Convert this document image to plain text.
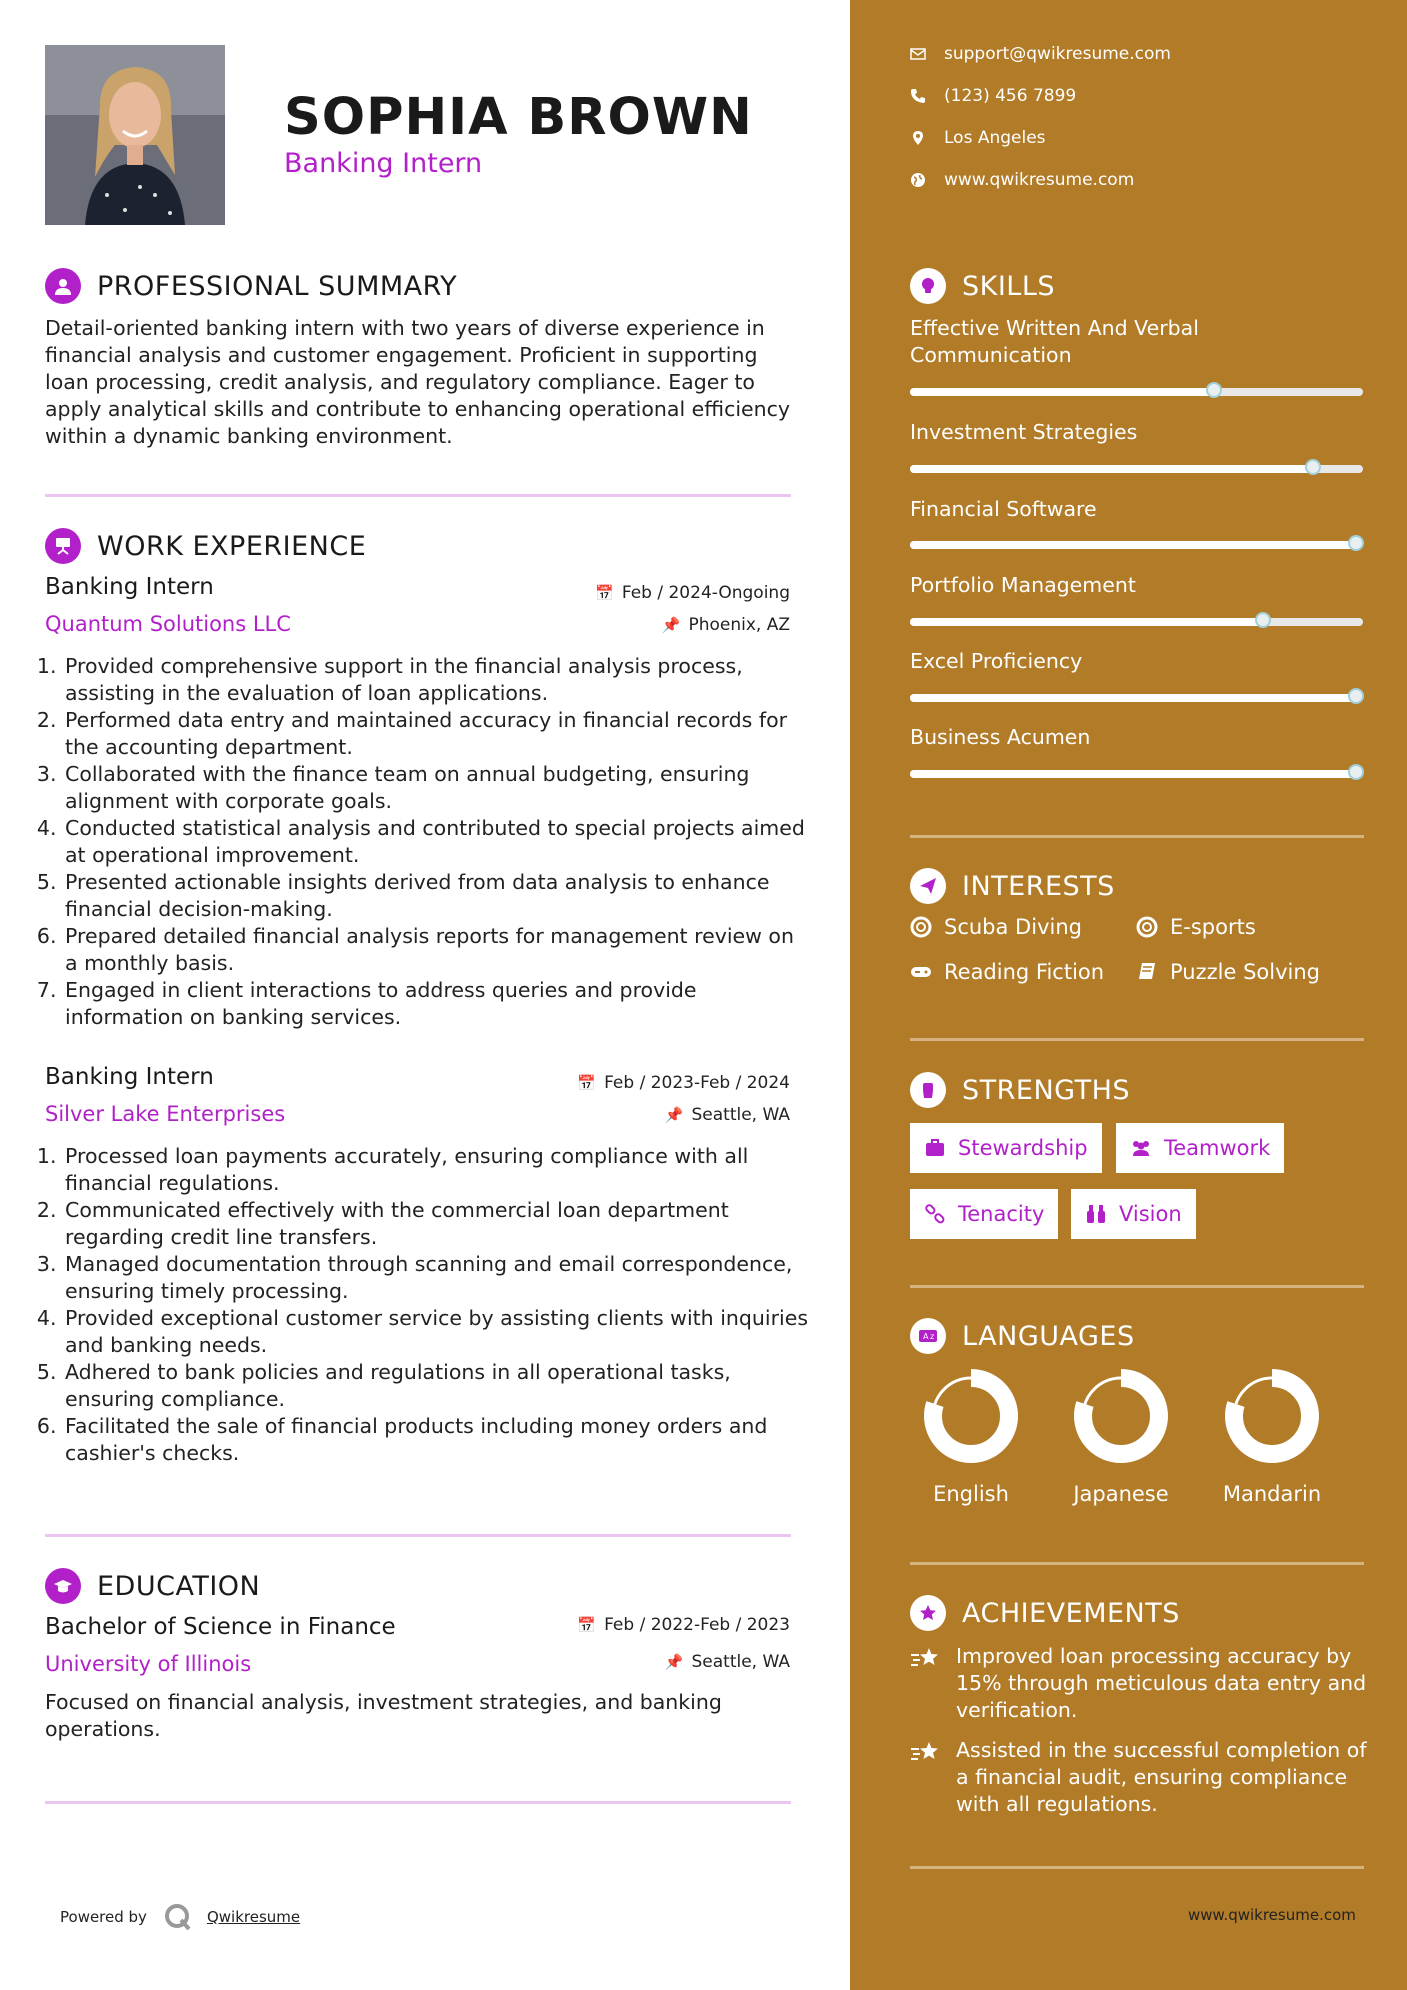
SOPHIA BROWN
Banking Intern
PROFESSIONAL SUMMARY
Detail-oriented banking intern with two years of diverse experience in financial analysis and customer engagement. Proficient in supporting loan processing, credit analysis, and regulatory compliance. Eager to apply analytical skills and contribute to enhancing operational efficiency within a dynamic banking environment.
WORK EXPERIENCE
Banking Intern	📅 Feb / 2024-Ongoing
Quantum Solutions LLC	📌 Phoenix, AZ
1. Provided comprehensive support in the financial analysis process, assisting in the evaluation of loan applications.
2. Performed data entry and maintained accuracy in financial records for the accounting department.
3. Collaborated with the finance team on annual budgeting, ensuring alignment with corporate goals.
4. Conducted statistical analysis and contributed to special projects aimed at operational improvement.
5. Presented actionable insights derived from data analysis to enhance financial decision-making.
6. Prepared detailed financial analysis reports for management review on a monthly basis.
7. Engaged in client interactions to address queries and provide information on banking services.
Banking Intern	📅 Feb / 2023-Feb / 2024
Silver Lake Enterprises	📌 Seattle, WA
1. Processed loan payments accurately, ensuring compliance with all financial regulations.
2. Communicated effectively with the commercial loan department regarding credit line transfers.
3. Managed documentation through scanning and email correspondence, ensuring timely processing.
4. Provided exceptional customer service by assisting clients with inquiries and banking needs.
5. Adhered to bank policies and regulations in all operational tasks, ensuring compliance.
6. Facilitated the sale of financial products including money orders and cashier's checks.
EDUCATION
Bachelor of Science in Finance	📅 Feb / 2022-Feb / 2023
University of Illinois	📌 Seattle, WA
Focused on financial analysis, investment strategies, and banking operations.
Powered by	Qwikresume
support@qwikresume.com
(123) 456 7899
Los Angeles
www.qwikresume.com
SKILLS
Effective Written And Verbal Communication
Investment Strategies
Financial Software
Portfolio Management
Excel Proficiency
Business Acumen
INTERESTS
Scuba Diving	E-sports
Reading Fiction	Puzzle Solving
STRENGTHS
Stewardship	Teamwork
Tenacity	Vision
A z LANGUAGES
English	Japanese	Mandarin
ACHIEVEMENTS
Improved loan processing accuracy by 15% through meticulous data entry and verification.
Assisted in the successful completion of a financial audit, ensuring compliance with all regulations.
www.qwikresume.com
